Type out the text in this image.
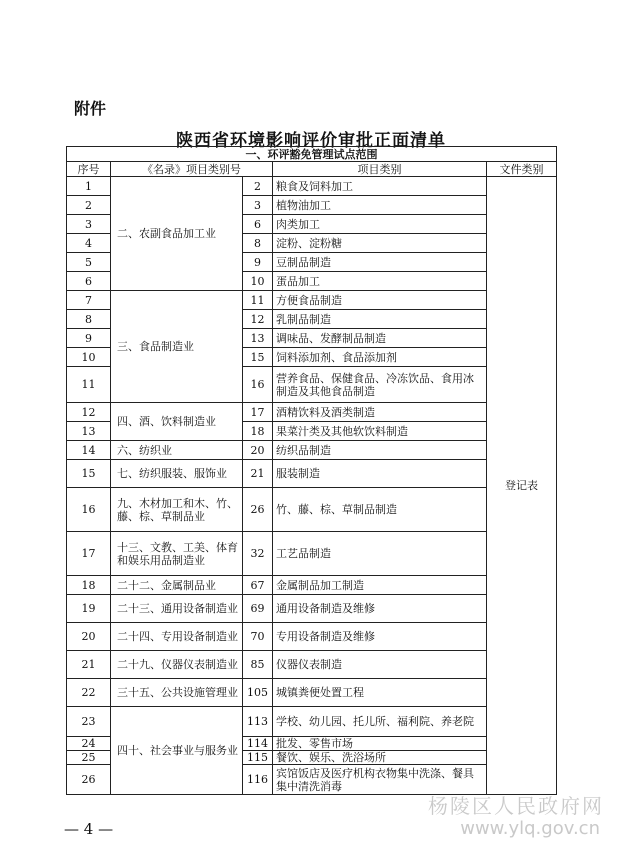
附件
陕西省环境影响评价审批正面清单
一、环评豁免管理试点范围				
序号	《名录》项目类别号		项目类别	文件类别
1	二、农副食品加工业	2	粮食及饲料加工	登记表
2		3	植物油加工	
3		6	肉类加工	
4		8	淀粉、淀粉糖	
5		9	豆制品制造	
6		10	蛋品加工	
7	三、食品制造业	11	方便食品制造	
8		12	乳制品制造	
9		13	调味品、发酵制品制造	
10		15	饲料添加剂、食品添加剂	
11		16	营养食品、保健食品、冷冻饮品、食用冰制造及其他食品制造	
12	四、酒、饮料制造业	17	酒精饮料及酒类制造	
13		18	果菜汁类及其他软饮料制造	
14	六、纺织业	20	纺织品制造	
15	七、纺织服装、服饰业	21	服装制造	
16	九、木材加工和木、竹、藤、棕、草制品业	26	竹、藤、棕、草制品制造	
17	十三、文教、工美、体育和娱乐用品制造业	32	工艺品制造	
18	二十二、金属制品业	67	金属制品加工制造	
19	二十三、通用设备制造业	69	通用设备制造及维修	
20	二十四、专用设备制造业	70	专用设备制造及维修	
21	二十九、仪器仪表制造业	85	仪器仪表制造	
22	三十五、公共设施管理业	105	城镇粪便处置工程	
23	四十、社会事业与服务业	113	学校、幼儿园、托儿所、福利院、养老院	
24		114	批发、零售市场	
25		115	餐饮、娱乐、洗浴场所	
26		116	宾馆饭店及医疗机构衣物集中洗涤、餐具集中清洗消毒	
杨陵区人民政府网
www.ylq.gov.cn
— 4 —
